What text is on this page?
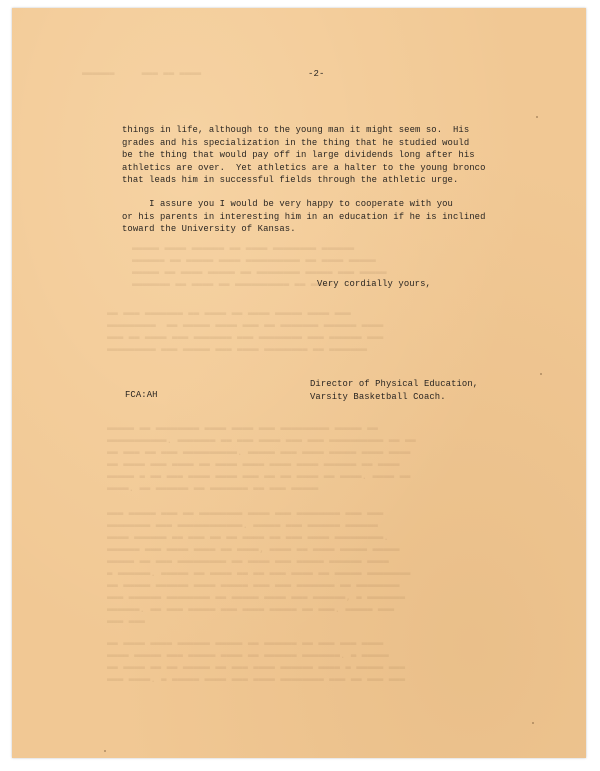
▬▬▬▬▬▬     ▬▬▬ ▬▬ ▬▬▬▬
▬▬▬▬▬ ▬▬▬▬ ▬▬▬▬▬▬ ▬▬ ▬▬▬▬ ▬▬▬▬▬▬▬▬ ▬▬▬▬▬▬
▬▬▬▬▬▬ ▬▬ ▬▬▬▬▬ ▬▬▬▬ ▬▬▬▬▬▬▬▬▬▬ ▬▬ ▬▬▬▬ ▬▬▬▬▬
▬▬▬▬▬ ▬▬ ▬▬▬▬ ▬▬▬▬▬ ▬▬ ▬▬▬▬▬▬▬▬ ▬▬▬▬▬ ▬▬▬ ▬▬▬▬▬
▬▬▬▬▬▬▬ ▬▬ ▬▬▬▬ ▬▬ ▬▬▬▬▬▬▬▬▬▬ ▬▬ ▬▬▬▬
▬▬ ▬▬▬ ▬▬▬▬▬▬▬ ▬▬ ▬▬▬▬ ▬▬ ▬▬▬▬ ▬▬▬▬▬ ▬▬▬▬ ▬▬▬
▬▬▬▬▬▬▬▬▬  ▬▬ ▬▬▬▬▬ ▬▬▬▬ ▬▬▬ ▬▬ ▬▬▬▬▬▬▬ ▬▬▬▬▬▬ ▬▬▬▬
▬▬▬ ▬▬ ▬▬▬▬ ▬▬▬ ▬▬▬▬▬▬▬ ▬▬▬ ▬▬▬▬▬▬▬▬ ▬▬▬ ▬▬▬▬▬▬ ▬▬▬
▬▬▬▬▬▬▬▬▬ ▬▬▬ ▬▬▬▬▬ ▬▬▬ ▬▬▬▬ ▬▬▬▬▬▬▬▬ ▬▬ ▬▬▬▬▬▬▬
▬▬▬▬▬ ▬▬ ▬▬▬▬▬▬▬▬ ▬▬▬▬ ▬▬▬▬ ▬▬▬ ▬▬▬▬▬▬▬▬▬ ▬▬▬▬▬ ▬▬
▬▬▬▬▬▬▬▬▬▬▬. ▬▬▬▬▬▬▬ ▬▬ ▬▬▬ ▬▬▬▬ ▬▬▬ ▬▬▬ ▬▬▬▬▬▬▬▬▬▬ ▬▬ ▬▬
▬▬ ▬▬▬ ▬▬ ▬▬▬ ▬▬▬▬▬▬▬▬▬▬. ▬▬▬▬▬ ▬▬▬ ▬▬▬▬ ▬▬▬▬▬ ▬▬▬▬ ▬▬▬▬
▬▬ ▬▬▬▬ ▬▬▬ ▬▬▬▬ ▬▬ ▬▬▬▬ ▬▬▬▬ ▬▬▬▬ ▬▬▬▬ ▬▬▬▬▬▬ ▬▬ ▬▬▬▬
▬▬▬▬▬ ▬ ▬▬ ▬▬▬ ▬▬▬▬ ▬▬▬▬ ▬▬▬ ▬▬ ▬▬ ▬▬▬▬ ▬▬ ▬▬▬▬. ▬▬▬▬ ▬▬
▬▬▬▬. ▬▬ ▬▬▬▬▬▬ ▬▬ ▬▬▬▬▬▬▬ ▬▬ ▬▬▬ ▬▬▬▬▬
▬▬▬ ▬▬▬▬▬ ▬▬▬ ▬▬ ▬▬▬▬▬▬▬▬ ▬▬▬▬ ▬▬▬ ▬▬▬▬▬▬▬▬ ▬▬▬ ▬▬▬
▬▬▬▬▬▬▬▬ ▬▬▬ ▬▬▬▬▬▬▬▬▬▬▬▬. ▬▬▬▬▬ ▬▬▬ ▬▬▬▬▬▬ ▬▬▬▬▬▬
▬▬▬▬ ▬▬▬▬▬▬ ▬▬ ▬▬▬ ▬▬ ▬▬ ▬▬▬▬ ▬▬ ▬▬▬ ▬▬▬▬ ▬▬▬▬▬▬▬▬▬.
▬▬▬▬▬▬ ▬▬▬ ▬▬▬▬ ▬▬▬▬ ▬▬ ▬▬▬▬, ▬▬▬▬ ▬▬ ▬▬▬▬ ▬▬▬▬▬ ▬▬▬▬▬
▬▬▬▬▬ ▬▬ ▬▬▬ ▬▬▬▬▬▬▬▬▬ ▬▬ ▬▬▬▬ ▬▬▬ ▬▬▬▬▬ ▬▬▬▬▬▬ ▬▬▬▬
▬ ▬▬▬▬▬▬. ▬▬▬▬▬ ▬▬ ▬▬▬▬ ▬▬ ▬▬ ▬▬▬ ▬▬▬▬ ▬▬ ▬▬▬▬▬ ▬▬▬▬▬▬▬▬
▬▬ ▬▬▬▬▬ ▬▬▬▬▬▬ ▬▬▬▬ ▬▬▬▬▬ ▬▬▬ ▬▬▬ ▬▬▬▬▬▬▬ ▬▬ ▬▬▬▬▬▬▬▬
▬▬▬ ▬▬▬▬▬▬ ▬▬▬▬▬▬▬▬ ▬▬ ▬▬▬▬▬ ▬▬▬▬ ▬▬▬ ▬▬▬▬▬▬, ▬ ▬▬▬▬▬▬▬
▬▬▬▬▬▬. ▬▬ ▬▬▬ ▬▬▬▬▬ ▬▬▬ ▬▬▬▬ ▬▬▬▬▬ ▬▬ ▬▬▬. ▬▬▬▬▬ ▬▬▬
▬▬▬ ▬▬▬
▬▬ ▬▬▬▬ ▬▬▬▬ ▬▬▬▬▬▬ ▬▬▬▬▬ ▬▬ ▬▬▬▬▬▬ ▬▬ ▬▬▬ ▬▬▬ ▬▬▬▬
▬▬▬▬ ▬▬▬▬▬ ▬▬▬ ▬▬▬▬▬ ▬▬▬▬ ▬▬ ▬▬▬▬▬▬ ▬▬▬▬▬▬▬. ▬ ▬▬▬▬▬
▬▬ ▬▬▬▬ ▬▬ ▬▬ ▬▬▬▬▬ ▬▬ ▬▬▬ ▬▬▬▬ ▬▬▬▬▬▬ ▬▬▬▬ ▬ ▬▬▬▬▬ ▬▬▬
▬▬▬ ▬▬▬▬. ▬ ▬▬▬▬▬ ▬▬▬▬ ▬▬▬ ▬▬▬▬ ▬▬▬▬▬▬▬▬ ▬▬▬ ▬▬ ▬▬▬ ▬▬▬
-2-
things in life, although to the young man it might seem so.  His
grades and his specialization in the thing that he studied would
be the thing that would pay off in large dividends long after his
athletics are over.  Yet athletics are a halter to the young bronco
that leads him in successful fields through the athletic urge.
I assure you I would be very happy to cooperate with you
or his parents in interesting him in an education if he is inclined
toward the University of Kansas.
Very cordially yours,
Director of Physical Education,
Varsity Basketball Coach.
FCA:AH
